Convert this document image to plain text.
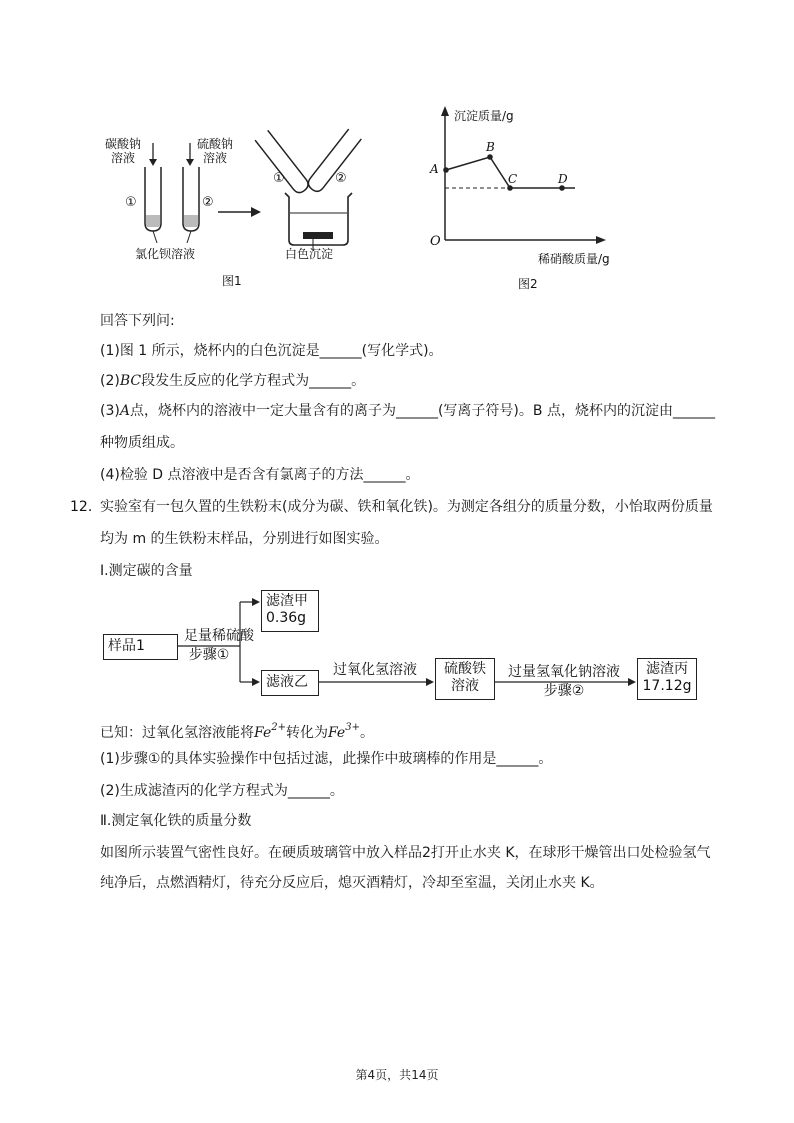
碳酸钠
溶液
硫酸钠
溶液
①	②
氯化钡溶液
①	②
白色沉淀
图1
沉淀质量/g
稀硝酸质量/g
O
A
B
C	D
图2
回答下列问:
(1)图 1 所示，烧杯内的白色沉淀是______(写化学式)。
(2)BC段发生反应的化学方程式为______。
(3)A点，烧杯内的溶液中一定大量含有的离子为______(写离子符号)。B 点，烧杯内的沉淀由______
种物质组成。
(4)检验 D 点溶液中是否含有氯离子的方法______。
12. 实验室有一包久置的生铁粉末(成分为碳、铁和氧化铁)。为测定各组分的质量分数，小怡取两份质量
均为 m 的生铁粉末样品，分别进行如图实验。
Ⅰ.测定碳的含量
样品1
滤渣甲
0.36g
足量稀硫酸
步骤①
滤液乙
过氧化氢溶液	硫酸铁
溶液
过量氢氧化钠溶液
步骤②
滤渣丙
17.12g
已知：过氧化氢溶液能将$Fe^{2+}$转化为$Fe^{3+}$。
(1)步骤①的具体实验操作中包括过滤，此操作中玻璃棒的作用是______。
(2)生成滤渣丙的化学方程式为______。
Ⅱ.测定氧化铁的质量分数
如图所示装置气密性良好。在硬质玻璃管中放入样品2打开止水夹 K，在球形干燥管出口处检验氢气
纯净后，点燃酒精灯，待充分反应后，熄灭酒精灯，冷却至室温，关闭止水夹 K。
第4页，共14页
